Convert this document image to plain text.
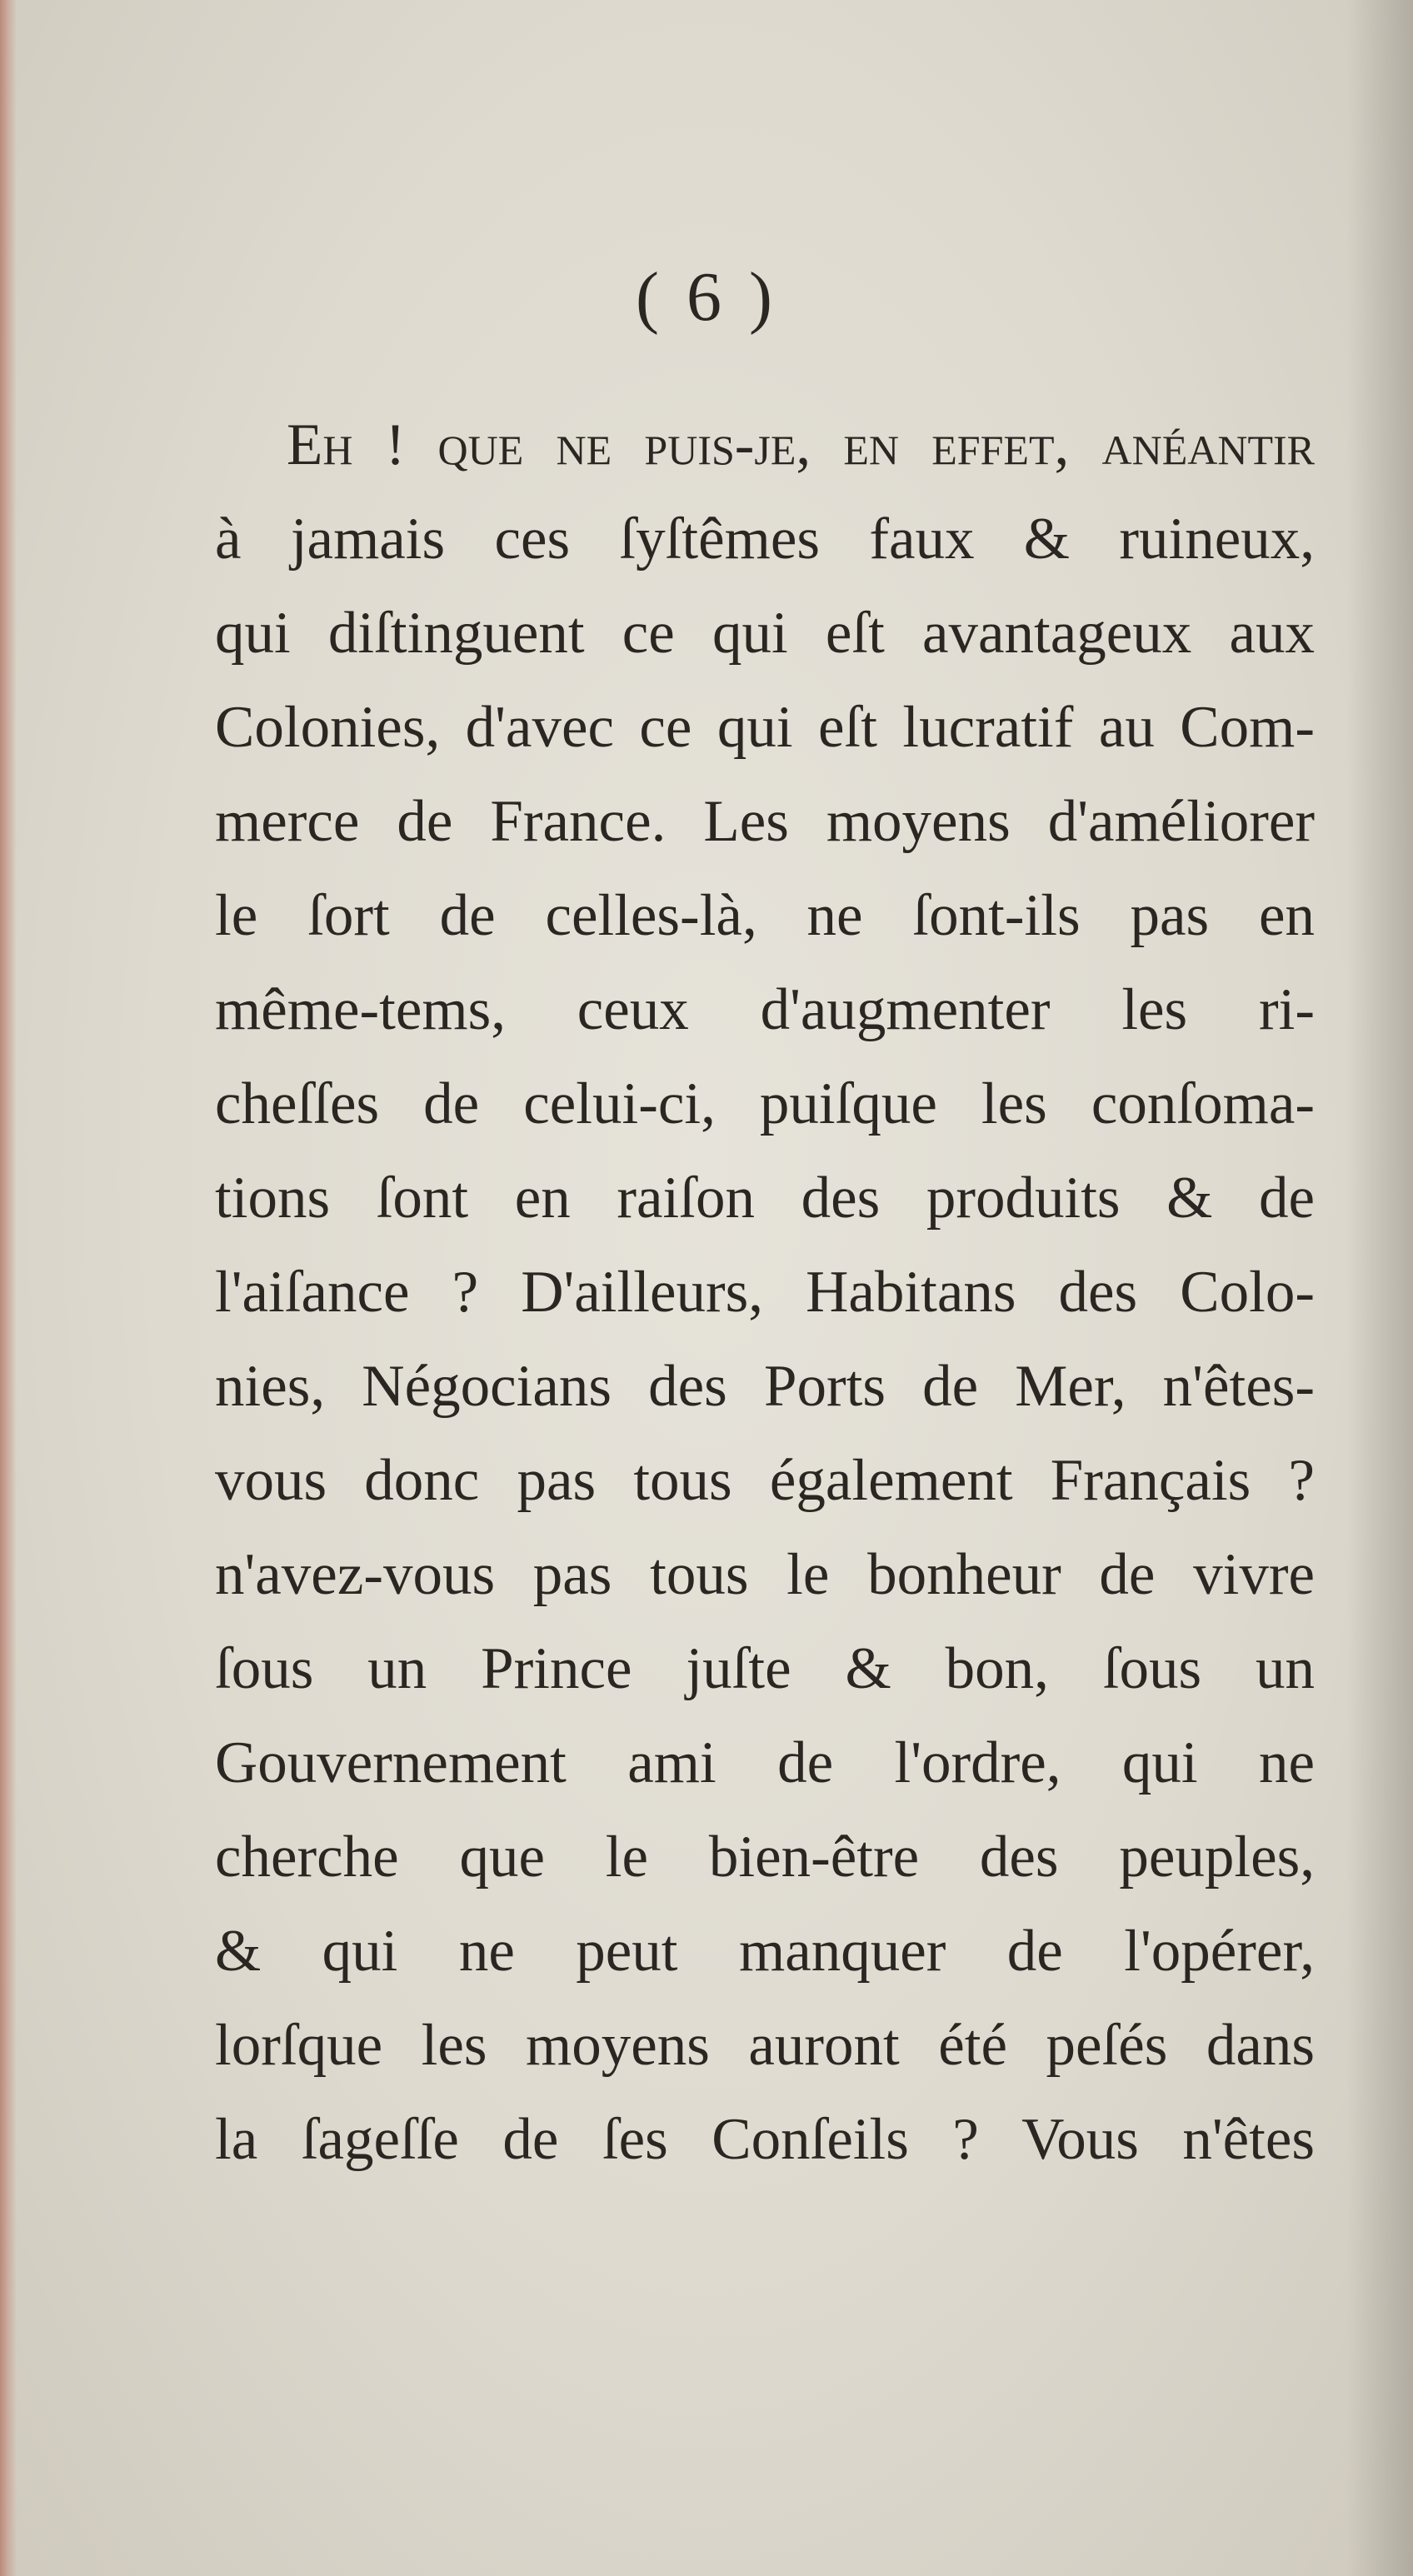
( 6 )
Eh ! que ne puis-je, en effet, anéantir
à jamais ces ſyſtêmes faux & ruineux,
qui diſtinguent ce qui eſt avantageux aux
Colonies, d'avec ce qui eſt lucratif au Com-
merce de France. Les moyens d'améliorer
le ſort de celles-là, ne ſont-ils pas en
même-tems, ceux d'augmenter les ri-
cheſſes de celui-ci, puiſque les conſoma-
tions ſont en raiſon des produits & de
l'aiſance ? D'ailleurs, Habitans des Colo-
nies, Négocians des Ports de Mer, n'êtes-
vous donc pas tous également Français ?
n'avez-vous pas tous le bonheur de vivre
ſous un Prince juſte & bon, ſous un
Gouvernement ami de l'ordre, qui ne
cherche que le bien-être des peuples,
& qui ne peut manquer de l'opérer,
lorſque les moyens auront été peſés dans
la ſageſſe de ſes Conſeils ? Vous n'êtes
